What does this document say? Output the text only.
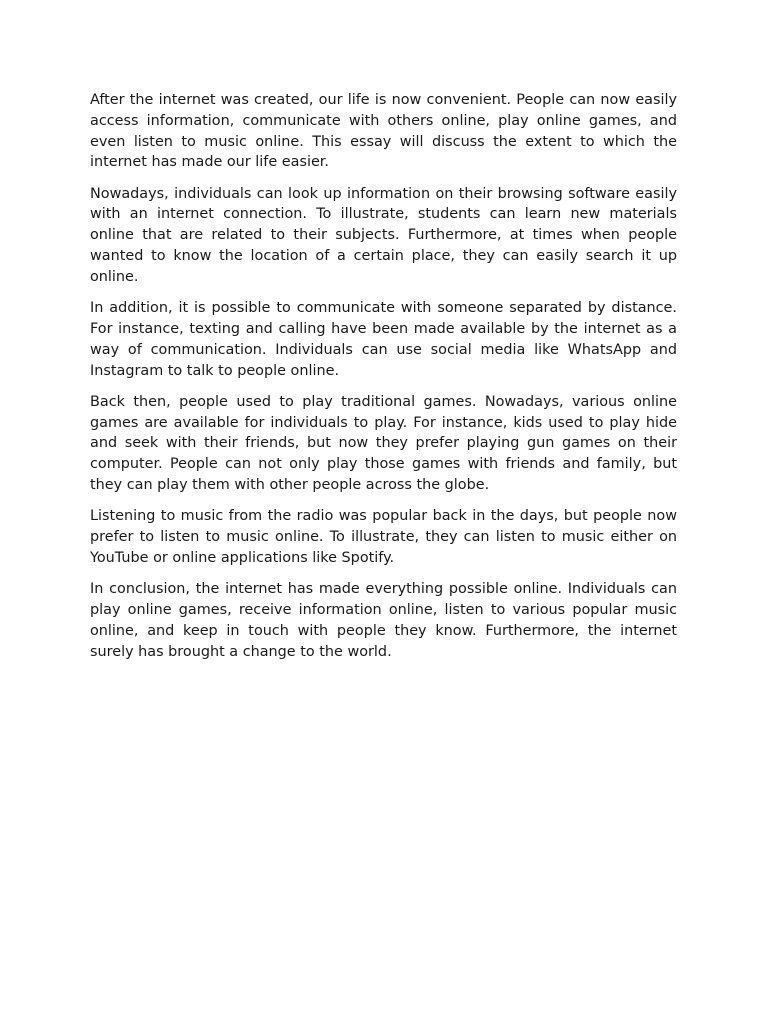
After the internet was created, our life is now convenient. People can now easily access information, communicate with others online, play online games, and even listen to music online. This essay will discuss the extent to which the internet has made our life easier.

Nowadays, individuals can look up information on their browsing software easily with an internet connection. To illustrate, students can learn new materials online that are related to their subjects. Furthermore, at times when people wanted to know the location of a certain place, they can easily search it up online.

In addition, it is possible to communicate with someone separated by distance. For instance, texting and calling have been made available by the internet as a way of communication. Individuals can use social media like WhatsApp and Instagram to talk to people online.

Back then, people used to play traditional games. Nowadays, various online games are available for individuals to play. For instance, kids used to play hide and seek with their friends, but now they prefer playing gun games on their computer. People can not only play those games with friends and family, but they can play them with other people across the globe.

Listening to music from the radio was popular back in the days, but people now prefer to listen to music online. To illustrate, they can listen to music either on YouTube or online applications like Spotify.

In conclusion, the internet has made everything possible online. Individuals can play online games, receive information online, listen to various popular music online, and keep in touch with people they know. Furthermore, the internet surely has brought a change to the world.
